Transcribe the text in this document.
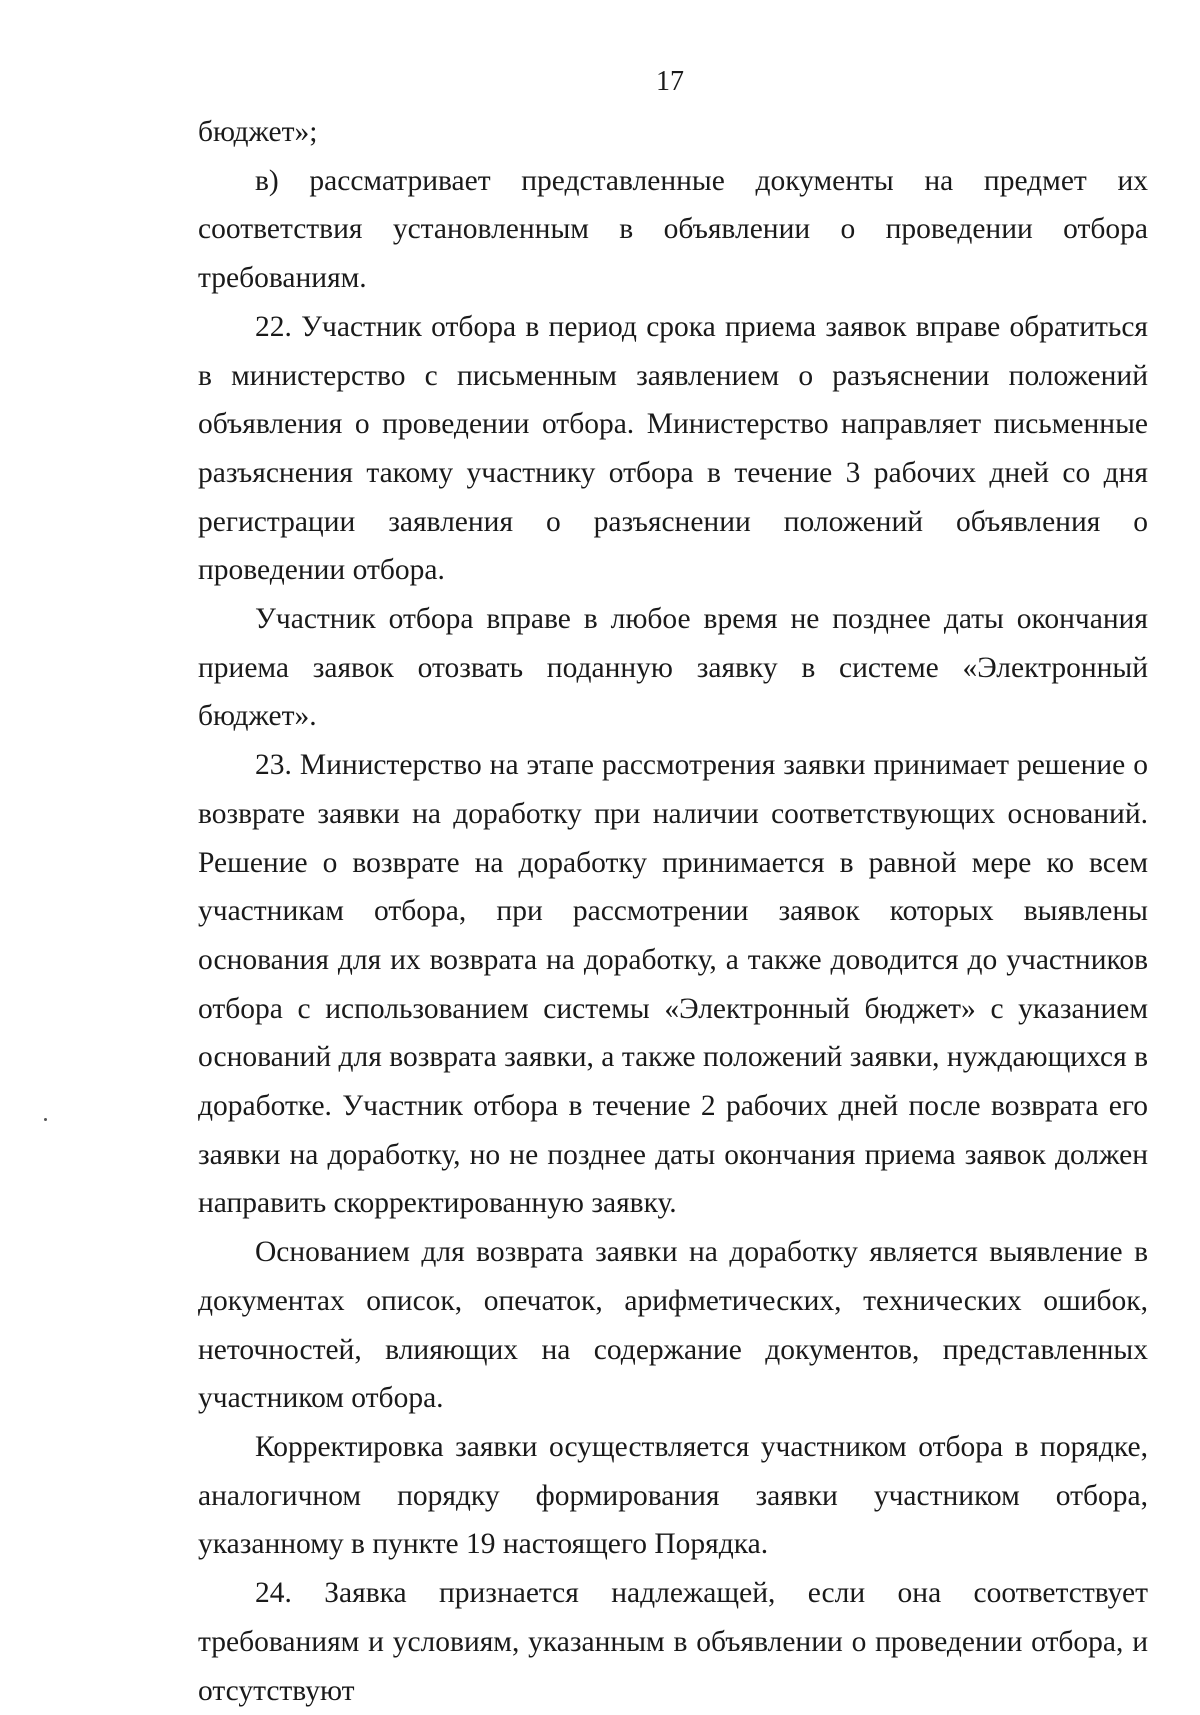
17

бюджет»;

в) рассматривает представленные документы на предмет их соответствия установленным в объявлении о проведении отбора требованиям.

22. Участник отбора в период срока приема заявок вправе обратиться в министерство с письменным заявлением о разъяснении положений объявления о проведении отбора. Министерство направляет письменные разъяснения такому участнику отбора в течение 3 рабочих дней со дня регистрации заявления о разъяснении положений объявления о проведении отбора.

Участник отбора вправе в любое время не позднее даты окончания приема заявок отозвать поданную заявку в системе «Электронный бюджет».

23. Министерство на этапе рассмотрения заявки принимает решение о возврате заявки на доработку при наличии соответствующих оснований. Решение о возврате на доработку принимается в равной мере ко всем участникам отбора, при рассмотрении заявок которых выявлены основания для их возврата на доработку, а также доводится до участников отбора с использованием системы «Электронный бюджет» с указанием оснований для возврата заявки, а также положений заявки, нуждающихся в доработке. Участник отбора в течение 2 рабочих дней после возврата его заявки на доработку, но не позднее даты окончания приема заявок должен направить скорректированную заявку.

Основанием для возврата заявки на доработку является выявление в документах описок, опечаток, арифметических, технических ошибок, неточностей, влияющих на содержание документов, представленных участником отбора.

Корректировка заявки осуществляется участником отбора в порядке, аналогичном порядку формирования заявки участником отбора, указанному в пункте 19 настоящего Порядка.

24. Заявка признается надлежащей, если она соответствует требованиям и условиям, указанным в объявлении о проведении отбора, и отсутствуют
